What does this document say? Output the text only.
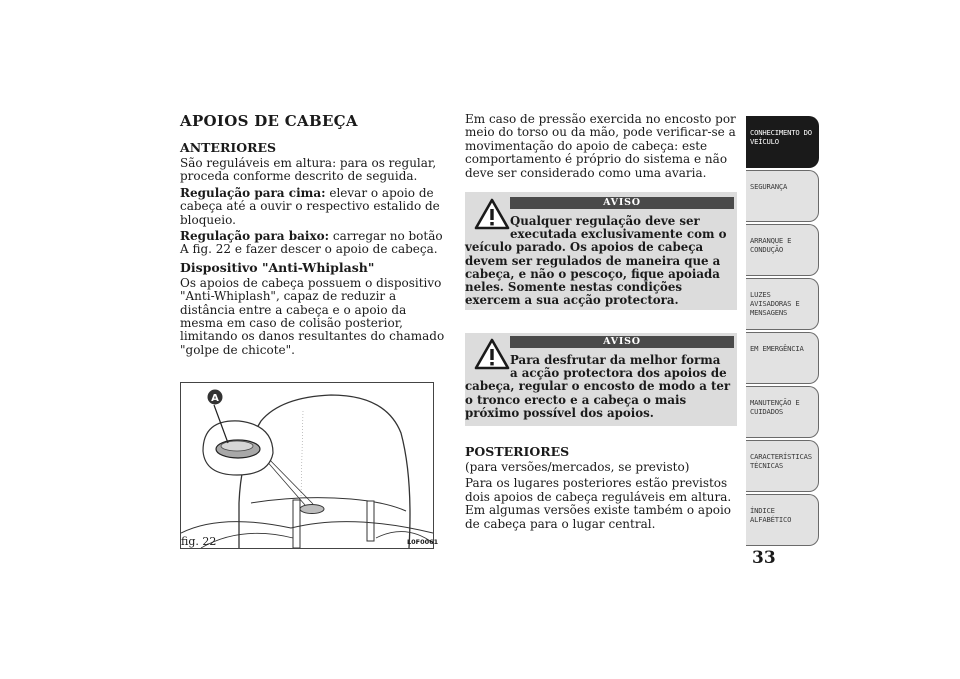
APOIOS DE CABEÇA
ANTERIORES
São reguláveis em altura: para os regular, proceda conforme descrito de seguida.
Regulação para cima: elevar o apoio de cabeça até a ouvir o respectivo estalido de bloqueio.
Regulação para baixo: carregar no botão A fig. 22 e fazer descer o apoio de cabeça.
Dispositivo "Anti-Whiplash"
Os apoios de cabeça possuem o dispositivo "Anti-Whiplash", capaz de reduzir a distância entre a cabeça e o apoio da mesma em caso de colisão posterior, limitando os danos resultantes do chamado "golpe de chicote".
A
fig. 22	L0F0061
Em caso de pressão exercida no encosto por meio do torso ou da mão, pode verificar-se a movimentação do apoio de cabeça: este comportamento é próprio do sistema e não deve ser considerado como uma avaria.
AVISO
Qualquer regulação deve ser executada exclusivamente com o
veículo parado. Os apoios de cabeça devem ser regulados de maneira que a cabeça, e não o pescoço, fique apoiada neles. Somente nestas condições exercem a sua acção protectora.
AVISO
Para desfrutar da melhor forma a acção protectora dos apoios de
cabeça, regular o encosto de modo a ter o tronco erecto e a cabeça o mais próximo possível dos apoios.
POSTERIORES
(para versões/mercados, se previsto)
Para os lugares posteriores estão previstos dois apoios de cabeça reguláveis em altura. Em algumas versões existe também o apoio de cabeça para o lugar central.
CONHECIMENTO DO VEÍCULO
SEGURANÇA
ARRANQUE E CONDUÇÃO
LUZES AVISADORAS E MENSAGENS
EM EMERGÊNCIA
MANUTENÇÃO E CUIDADOS
CARACTERÍSTICAS TÉCNICAS
ÍNDICE ALFABÉTICO
33
